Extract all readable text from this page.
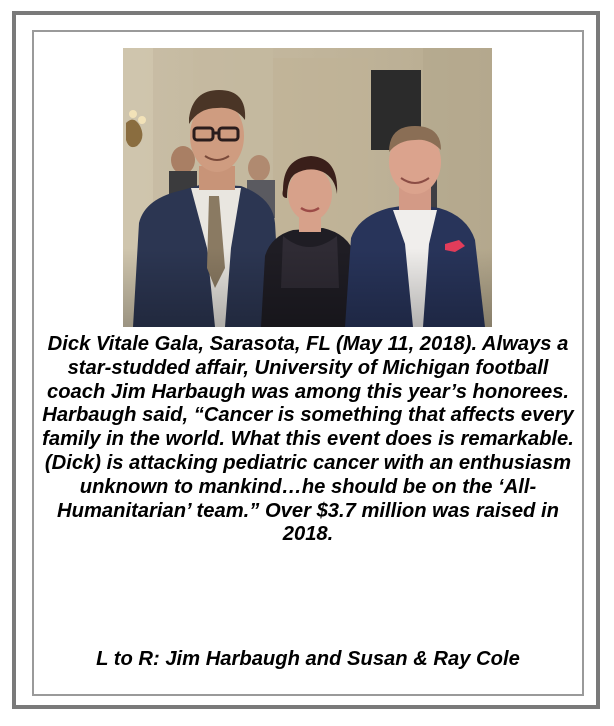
Dick Vitale Gala, Sarasota, FL (May 11, 2018). Always a star-studded affair, University of Michigan football coach Jim Harbaugh was among this year’s honorees. Harbaugh said, “Cancer is something that affects every family in the world. What this event does is remarkable. (Dick) is attacking pediatric cancer with an enthusiasm unknown to mankind…he should be on the ‘All-Humanitarian’ team.” Over $3.7 million was raised in 2018.

L to R: Jim Harbaugh and Susan & Ray Cole
